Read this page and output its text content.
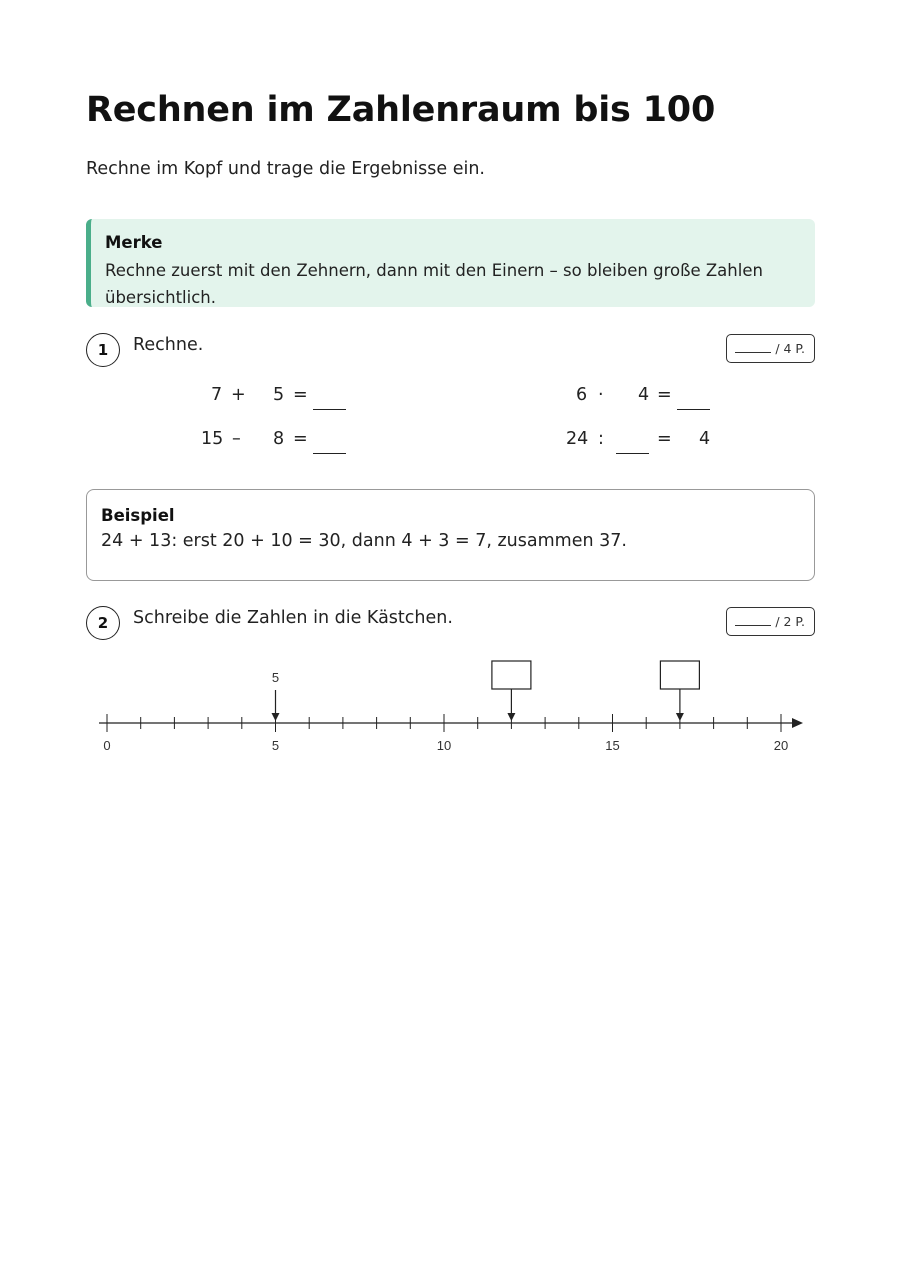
Rechnen im Zahlenraum bis 100

Rechne im Kopf und trage die Ergebnisse ein.

Merke
Rechne zuerst mit den Zehnern, dann mit den Einern – so bleiben große Zahlen übersichtlich.
1	Rechne.	/ 4 P.
7 + 5 =
15 – 8 =
6 · 4 =
24 :	= 4
Beispiel
24 + 13: erst 20 + 10 = 30, dann 4 + 3 = 7, zusammen 37.
2	Schreibe die Zahlen in die Kästchen.	/ 2 P.
0	5	10	15	20
5
